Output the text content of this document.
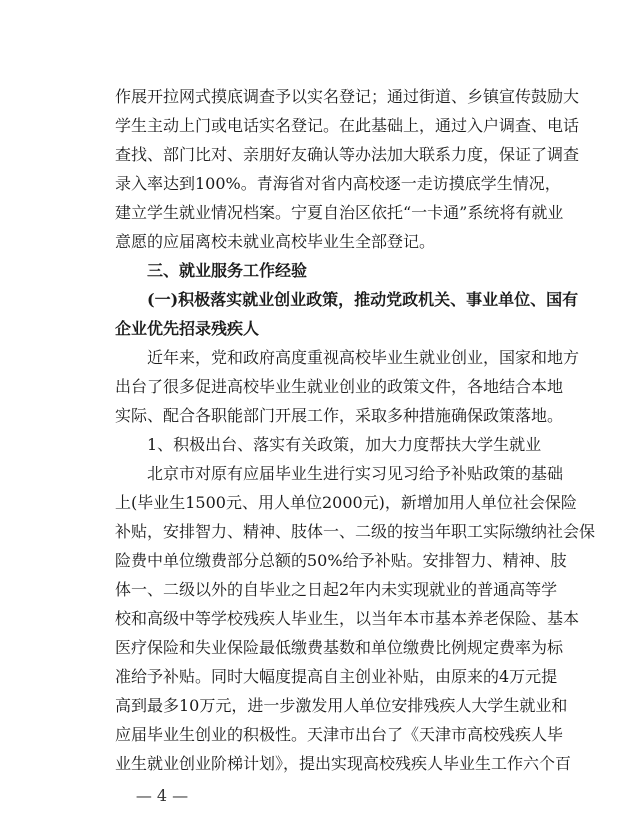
作展开拉网式摸底调查予以实名登记；通过街道、乡镇宣传鼓励大
学生主动上门或电话实名登记。在此基础上，通过入户调查、电话
查找、部门比对、亲朋好友确认等办法加大联系力度，保证了调查
录入率达到100%。青海省对省内高校逐一走访摸底学生情况，
建立学生就业情况档案。宁夏自治区依托“一卡通”系统将有就业
意愿的应届离校未就业高校毕业生全部登记。
三、就业服务工作经验
(一)积极落实就业创业政策，推动党政机关、事业单位、国有
企业优先招录残疾人
近年来，党和政府高度重视高校毕业生就业创业，国家和地方
出台了很多促进高校毕业生就业创业的政策文件，各地结合本地
实际、配合各职能部门开展工作，采取多种措施确保政策落地。
1、积极出台、落实有关政策，加大力度帮扶大学生就业
北京市对原有应届毕业生进行实习见习给予补贴政策的基础
上(毕业生1500元、用人单位2000元)，新增加用人单位社会保险
补贴，安排智力、精神、肢体一、二级的按当年职工实际缴纳社会保
险费中单位缴费部分总额的50%给予补贴。安排智力、精神、肢
体一、二级以外的自毕业之日起2年内未实现就业的普通高等学
校和高级中等学校残疾人毕业生，以当年本市基本养老保险、基本
医疗保险和失业保险最低缴费基数和单位缴费比例规定费率为标
准给予补贴。同时大幅度提高自主创业补贴，由原来的4万元提
高到最多10万元，进一步激发用人单位安排残疾人大学生就业和
应届毕业生创业的积极性。天津市出台了《天津市高校残疾人毕
业生就业创业阶梯计划》，提出实现高校残疾人毕业生工作六个百
— 4 —
